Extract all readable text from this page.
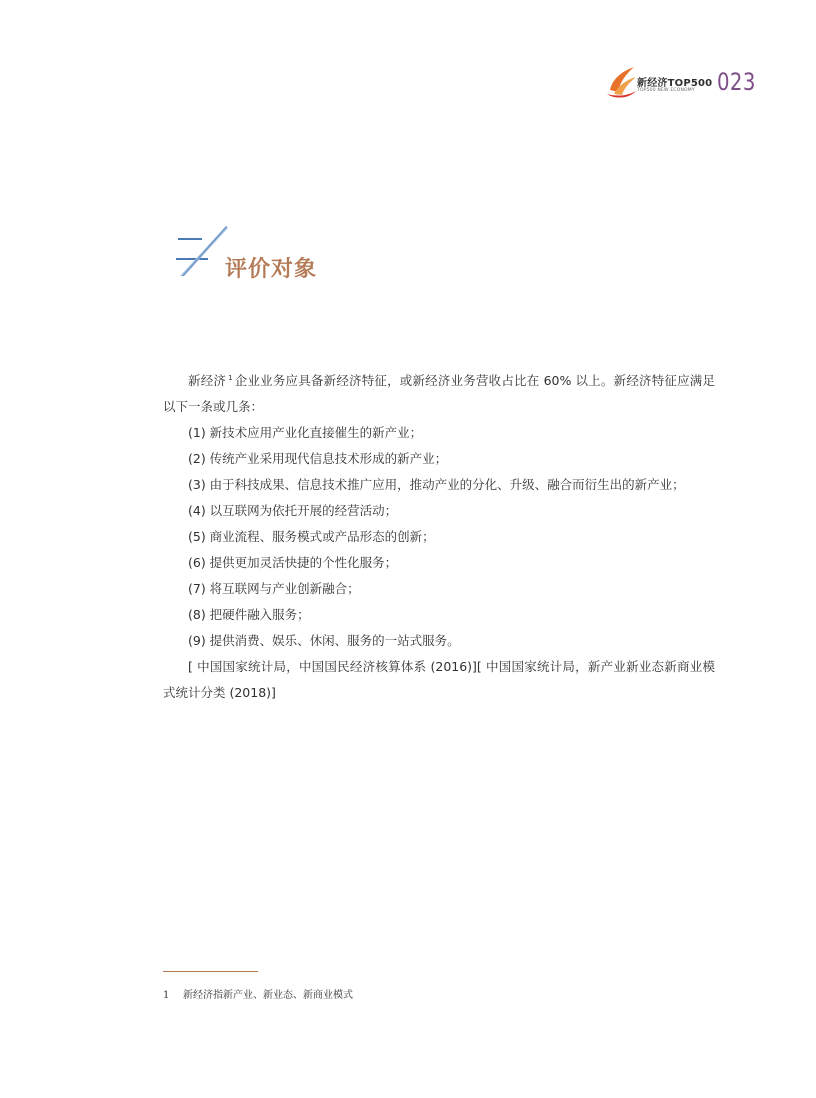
新经济TOP500
TOP500 NEW ECONOMY 023
评价对象

新经济 $^1$ 企业业务应具备新经济特征，或新经济业务营收占比在 60% 以上。新经济特征应满足以下一条或几条：

(1) 新技术应用产业化直接催生的新产业；
(2) 传统产业采用现代信息技术形成的新产业；
(3) 由于科技成果、信息技术推广应用，推动产业的分化、升级、融合而衍生出的新产业；
(4) 以互联网为依托开展的经营活动；
(5) 商业流程、服务模式或产品形态的创新；
(6) 提供更加灵活快捷的个性化服务；
(7) 将互联网与产业创新融合；
(8) 把硬件融入服务；
(9) 提供消费、娱乐、休闲、服务的一站式服务。

[ 中国国家统计局，中国国民经济核算体系 (2016)][ 中国国家统计局，新产业新业态新商业模式统计分类 (2018)]

1 新经济指新产业、新业态、新商业模式
